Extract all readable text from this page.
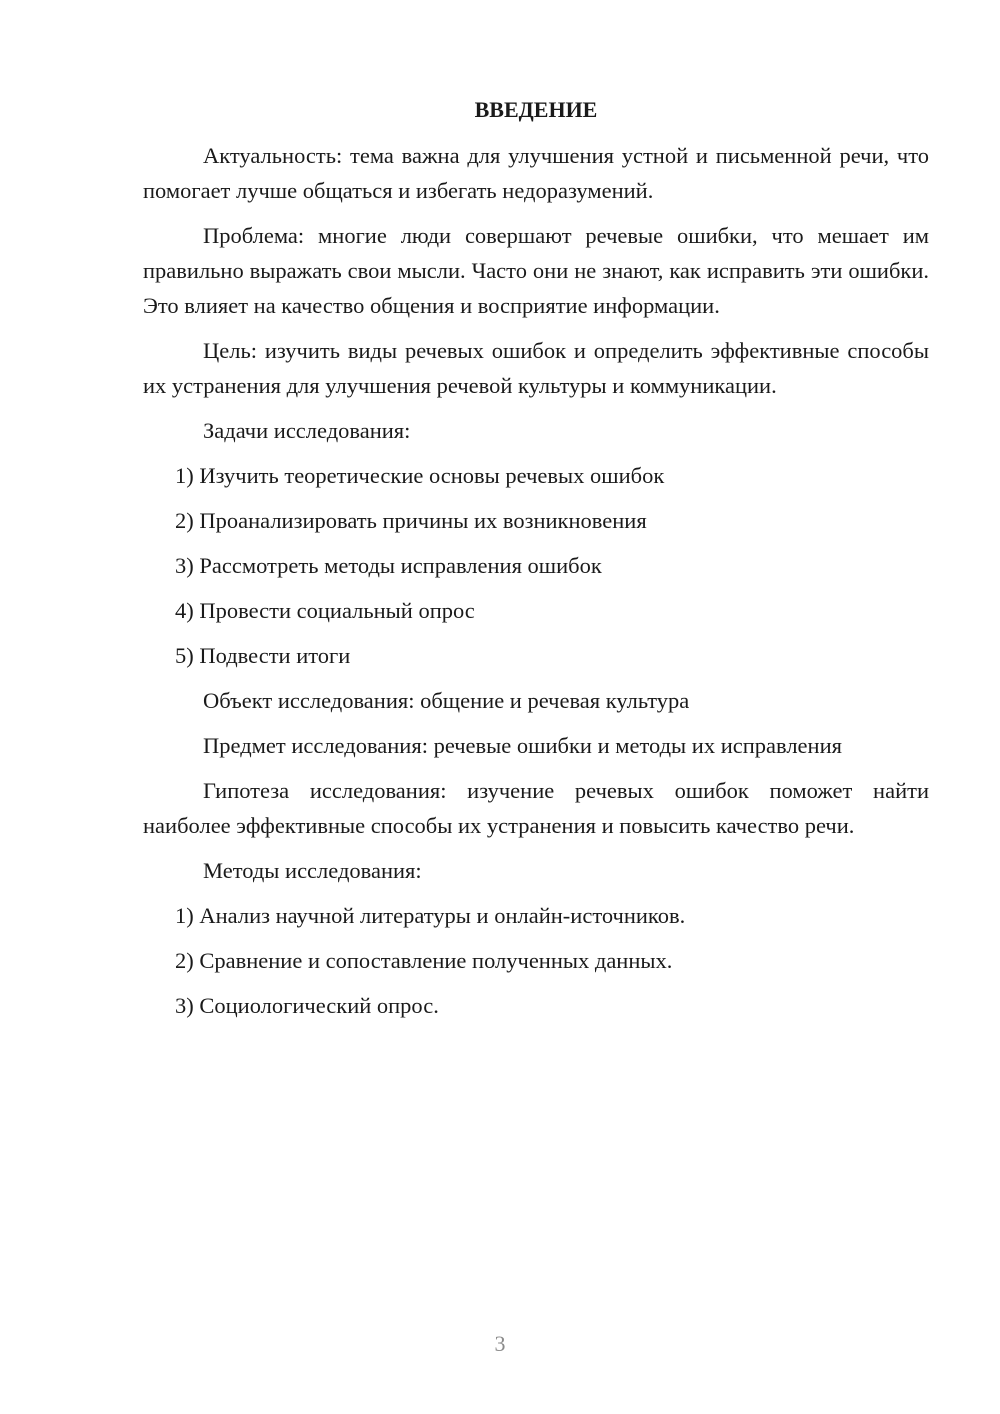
ВВЕДЕНИЕ

Актуальность: тема важна для улучшения устной и письменной речи, что помогает лучше общаться и избегать недоразумений.

Проблема: многие люди совершают речевые ошибки, что мешает им правильно выражать свои мысли. Часто они не знают, как исправить эти ошибки. Это влияет на качество общения и восприятие информации.

Цель: изучить виды речевых ошибок и определить эффективные способы их устранения для улучшения речевой культуры и коммуникации.

Задачи исследования:

1) Изучить теоретические основы речевых ошибок

2) Проанализировать причины их возникновения

3) Рассмотреть методы исправления ошибок

4) Провести социальный опрос

5) Подвести итоги

Объект исследования: общение и речевая культура

Предмет исследования: речевые ошибки и методы их исправления

Гипотеза исследования: изучение речевых ошибок поможет найти наиболее эффективные способы их устранения и повысить качество речи.

Методы исследования:

1) Анализ научной литературы и онлайн-источников.

2) Сравнение и сопоставление полученных данных.

3) Социологический опрос.

3
